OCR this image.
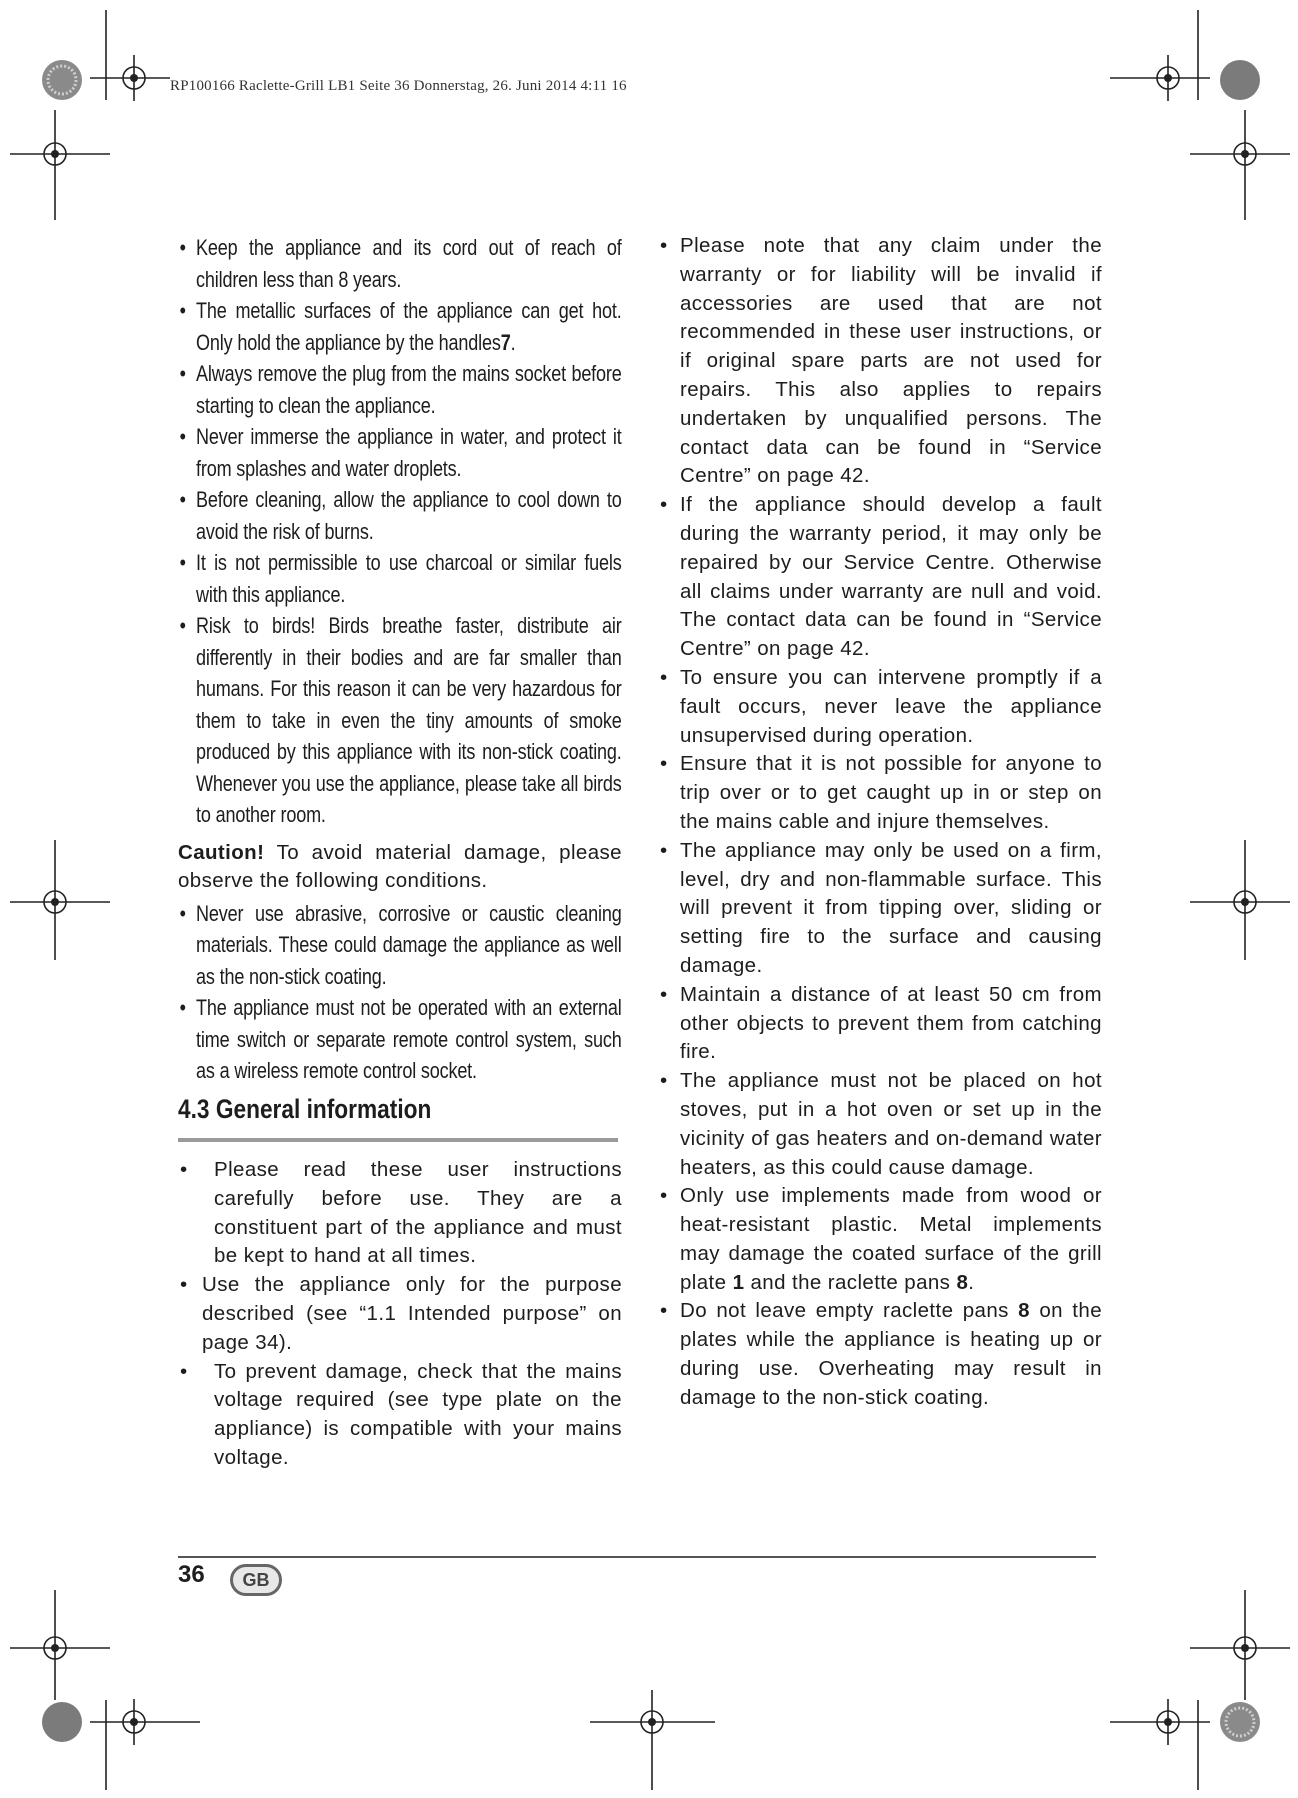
RP100166 Raclette-Grill LB1 Seite 36 Donnerstag, 26. Juni 2014 4:11 16
• Keep the appliance and its cord out of reach of children less than 8 years.
• The metallic surfaces of the appliance can get hot. Only hold the appliance by the handles7.
• Always remove the plug from the mains socket before starting to clean the appliance.
• Never immerse the appliance in water, and protect it from splashes and water droplets.
• Before cleaning, allow the appliance to cool down to avoid the risk of burns.
• It is not permissible to use charcoal or similar fuels with this appliance.
• Risk to birds! Birds breathe faster, distribute air differently in their bodies and are far smaller than humans. For this reason it can be very hazardous for them to take in even the tiny amounts of smoke produced by this appliance with its non-stick coating. Whenever you use the appliance, please take all birds to another room.

Caution! To avoid material damage, please observe the following conditions.

• Never use abrasive, corrosive or caustic cleaning materials. These could damage the appliance as well as the non-stick coating.
• The appliance must not be operated with an external time switch or separate remote control system, such as a wireless remote control socket.
4.3 General information
• Please read these user instructions carefully before use. They are a constituent part of the appliance and must be kept to hand at all times.
• Use the appliance only for the purpose described (see “1.1 Intended purpose” on page 34).
• To prevent damage, check that the mains voltage required (see type plate on the appliance) is compatible with your mains voltage.
• Please note that any claim under the warranty or for liability will be invalid if accessories are used that are not recommended in these user instructions, or if original spare parts are not used for repairs. This also applies to repairs undertaken by unqualified persons. The contact data can be found in “Service Centre” on page 42.
• If the appliance should develop a fault during the warranty period, it may only be repaired by our Service Centre. Otherwise all claims under warranty are null and void. The contact data can be found in “Service Centre” on page 42.
• To ensure you can intervene promptly if a fault occurs, never leave the appliance unsupervised during operation.
• Ensure that it is not possible for anyone to trip over or to get caught up in or step on the mains cable and injure themselves.
• The appliance may only be used on a firm, level, dry and non-flammable surface. This will prevent it from tipping over, sliding or setting fire to the surface and causing damage.
• Maintain a distance of at least 50 cm from other objects to prevent them from catching fire.
• The appliance must not be placed on hot stoves, put in a hot oven or set up in the vicinity of gas heaters and on-demand water heaters, as this could cause damage.
• Only use implements made from wood or heat-resistant plastic. Metal implements may damage the coated surface of the grill plate 1 and the raclette pans 8.
• Do not leave empty raclette pans 8 on the plates while the appliance is heating up or during use. Overheating may result in damage to the non-stick coating.
36	GB
